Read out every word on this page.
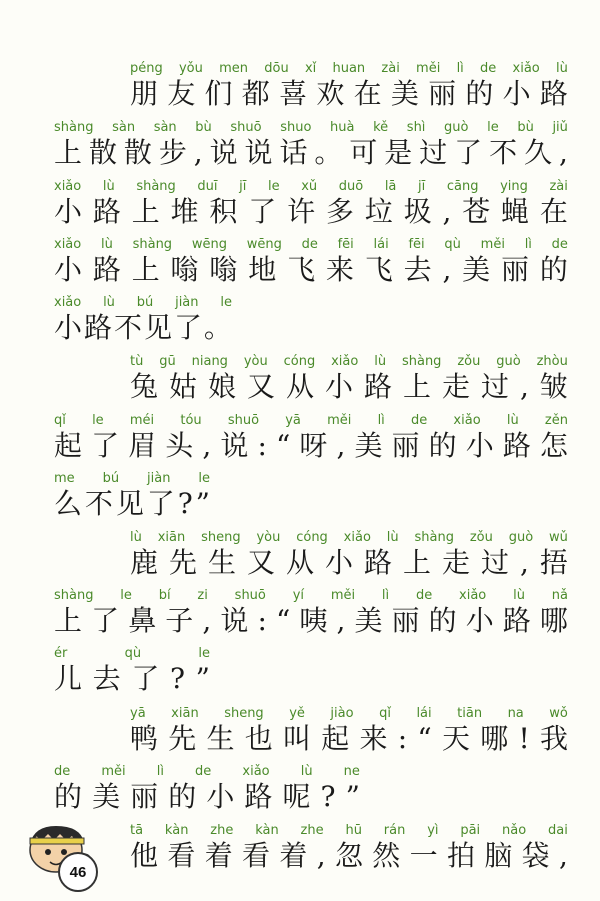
péng yǒu men dōu xǐ huan zài měi lì de xiǎo lù
朋 友 们 都 喜 欢 在 美 丽 的 小 路
shàng sàn sàn bù shuō shuo huà kě shì guò le bù jiǔ
上 散 散 步 , 说 说 话 。 可 是 过 了 不 久 ,
xiǎo lù shàng duī jī le xǔ duō lā jī cāng ying zài
小 路 上 堆 积 了 许 多 垃 圾 , 苍 蝇 在
xiǎo lù shàng wēng wēng de fēi lái fēi qù měi lì de
小 路 上 嗡 嗡 地 飞 来 飞 去 , 美 丽 的
xiǎo lù bú jiàn le
小 路 不 见 了 。
tù gū niang yòu cóng xiǎo lù shàng zǒu guò zhòu
兔 姑 娘 又 从 小 路 上 走 过 , 皱
qǐ le méi tóu shuō yā měi lì de xiǎo lù zěn
起 了 眉 头 , 说 : “ 呀 , 美 丽 的 小 路 怎
me bú jiàn le
么 不 见 了 ? ”
lù xiān sheng yòu cóng xiǎo lù shàng zǒu guò wǔ
鹿 先 生 又 从 小 路 上 走 过 , 捂
shàng le bí zi shuō yí měi lì de xiǎo lù nǎ
上 了 鼻 子 , 说 : “ 咦 , 美 丽 的 小 路 哪
ér	qù	le
儿 去 了 ? ”
yā xiān sheng yě jiào qǐ lái tiān na wǒ
鸭 先 生 也 叫 起 来 : “ 天 哪 ! 我
de měi lì de xiǎo lù ne
的 美 丽 的 小 路 呢 ? ”
tā kàn zhe kàn zhe hū rán yì pāi nǎo dai
他 看 着 看 着 , 忽 然 一 拍 脑 袋 ,
46
